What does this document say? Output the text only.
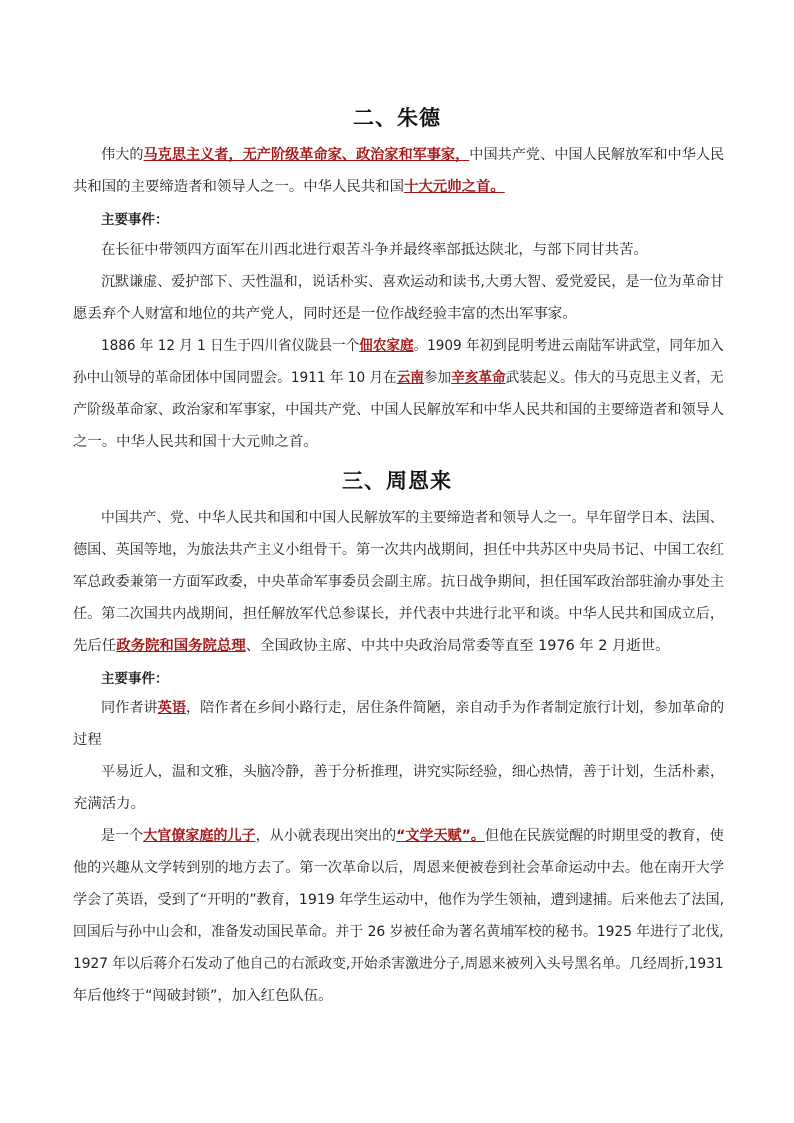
二、朱德
伟大的马克思主义者，无产阶级革命家、政治家和军事家，中国共产党、中国人民解放军和中华人民
共和国的主要缔造者和领导人之一。中华人民共和国十大元帅之首。
主要事件：
在长征中带领四方面军在川西北进行艰苦斗争并最终率部抵达陕北，与部下同甘共苦。
沉默谦虚、爱护部下、天性温和，说话朴实、喜欢运动和读书,大勇大智、爱党爱民，是一位为革命甘
愿丢弃个人财富和地位的共产党人，同时还是一位作战经验丰富的杰出军事家。
1886 年 12 月 1 日生于四川省仪陇县一个佃农家庭。1909 年初到昆明考进云南陆军讲武堂，同年加入
孙中山领导的革命团体中国同盟会。1911 年 10 月在云南参加辛亥革命武装起义。伟大的马克思主义者，无
产阶级革命家、政治家和军事家，中国共产党、中国人民解放军和中华人民共和国的主要缔造者和领导人
之一。中华人民共和国十大元帅之首。
三、周恩来
中国共产、党、中华人民共和国和中国人民解放军的主要缔造者和领导人之一。早年留学日本、法国、
德国、英国等地，为旅法共产主义小组骨干。第一次共内战期间，担任中共苏区中央局书记、中国工农红
军总政委兼第一方面军政委，中央革命军事委员会副主席。抗日战争期间，担任国军政治部驻渝办事处主
任。第二次国共内战期间，担任解放军代总参谋长，并代表中共进行北平和谈。中华人民共和国成立后，
先后任政务院和国务院总理、全国政协主席、中共中央政治局常委等直至 1976 年 2 月逝世。
主要事件：
同作者讲英语，陪作者在乡间小路行走，居住条件简陋，亲自动手为作者制定旅行计划，参加革命的
过程
平易近人，温和文雅，头脑冷静，善于分析推理，讲究实际经验，细心热情，善于计划，生活朴素，
充满活力。
是一个大官僚家庭的儿子，从小就表现出突出的“文学天赋”。但他在民族觉醒的时期里受的教育，使
他的兴趣从文学转到别的地方去了。第一次革命以后，周恩来便被卷到社会革命运动中去。他在南开大学
学会了英语，受到了“开明的”教育，1919 年学生运动中，他作为学生领袖，遭到逮捕。后来他去了法国,
回国后与孙中山会和，准备发动国民革命。并于 26 岁被任命为著名黄埔军校的秘书。1925 年进行了北伐,
1927 年以后蒋介石发动了他自己的右派政变,开始杀害激进分子,周恩来被列入头号黑名单。几经周折,1931
年后他终于“闯破封锁”，加入红色队伍。
